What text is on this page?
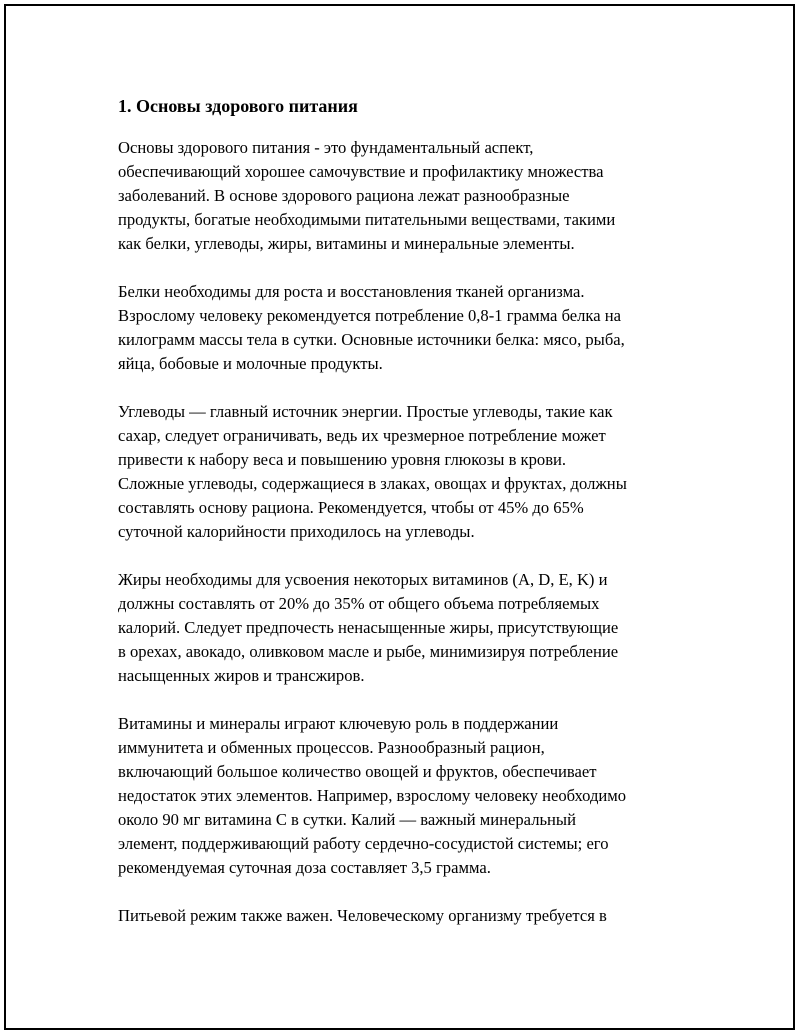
1. Основы здорового питания

Основы здорового питания - это фундаментальный аспект,
обеспечивающий хорошее самочувствие и профилактику множества
заболеваний. В основе здорового рациона лежат разнообразные
продукты, богатые необходимыми питательными веществами, такими
как белки, углеводы, жиры, витамины и минеральные элементы.

Белки необходимы для роста и восстановления тканей организма.
Взрослому человеку рекомендуется потребление 0,8-1 грамма белка на
килограмм массы тела в сутки. Основные источники белка: мясо, рыба,
яйца, бобовые и молочные продукты.

Углеводы — главный источник энергии. Простые углеводы, такие как
сахар, следует ограничивать, ведь их чрезмерное потребление может
привести к набору веса и повышению уровня глюкозы в крови.
Сложные углеводы, содержащиеся в злаках, овощах и фруктах, должны
составлять основу рациона. Рекомендуется, чтобы от 45% до 65%
суточной калорийности приходилось на углеводы.

Жиры необходимы для усвоения некоторых витаминов (A, D, E, K) и
должны составлять от 20% до 35% от общего объема потребляемых
калорий. Следует предпочесть ненасыщенные жиры, присутствующие
в орехах, авокадо, оливковом масле и рыбе, минимизируя потребление
насыщенных жиров и трансжиров.

Витамины и минералы играют ключевую роль в поддержании
иммунитета и обменных процессов. Разнообразный рацион,
включающий большое количество овощей и фруктов, обеспечивает
недостаток этих элементов. Например, взрослому человеку необходимо
около 90 мг витамина C в сутки. Калий — важный минеральный
элемент, поддерживающий работу сердечно-сосудистой системы; его
рекомендуемая суточная доза составляет 3,5 грамма.

Питьевой режим также важен. Человеческому организму требуется в
